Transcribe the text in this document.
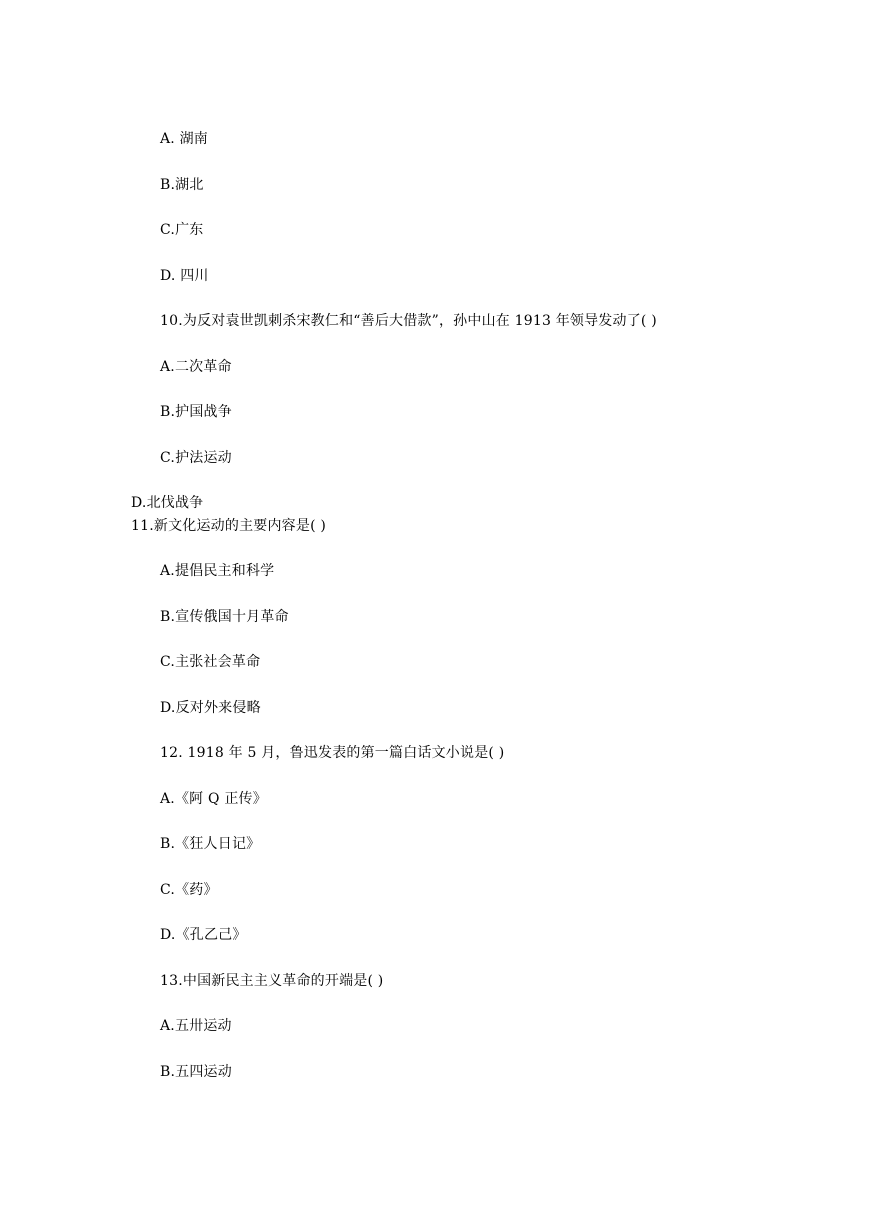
A. 湖南
B.湖北
C.广东
D. 四川
10.为反对袁世凯刺杀宋教仁和“善后大借款”，孙中山在 1913 年领导发动了( )
A.二次革命
B.护国战争
C.护法运动
D.北伐战争
11.新文化运动的主要内容是( )
A.提倡民主和科学
B.宣传俄国十月革命
C.主张社会革命
D.反对外来侵略
12. 1918 年 5 月，鲁迅发表的第一篇白话文小说是( )
A.《阿 Q 正传》
B.《狂人日记》
C.《药》
D.《孔乙己》
13.中国新民主主义革命的开端是( )
A.五卅运动
B.五四运动
